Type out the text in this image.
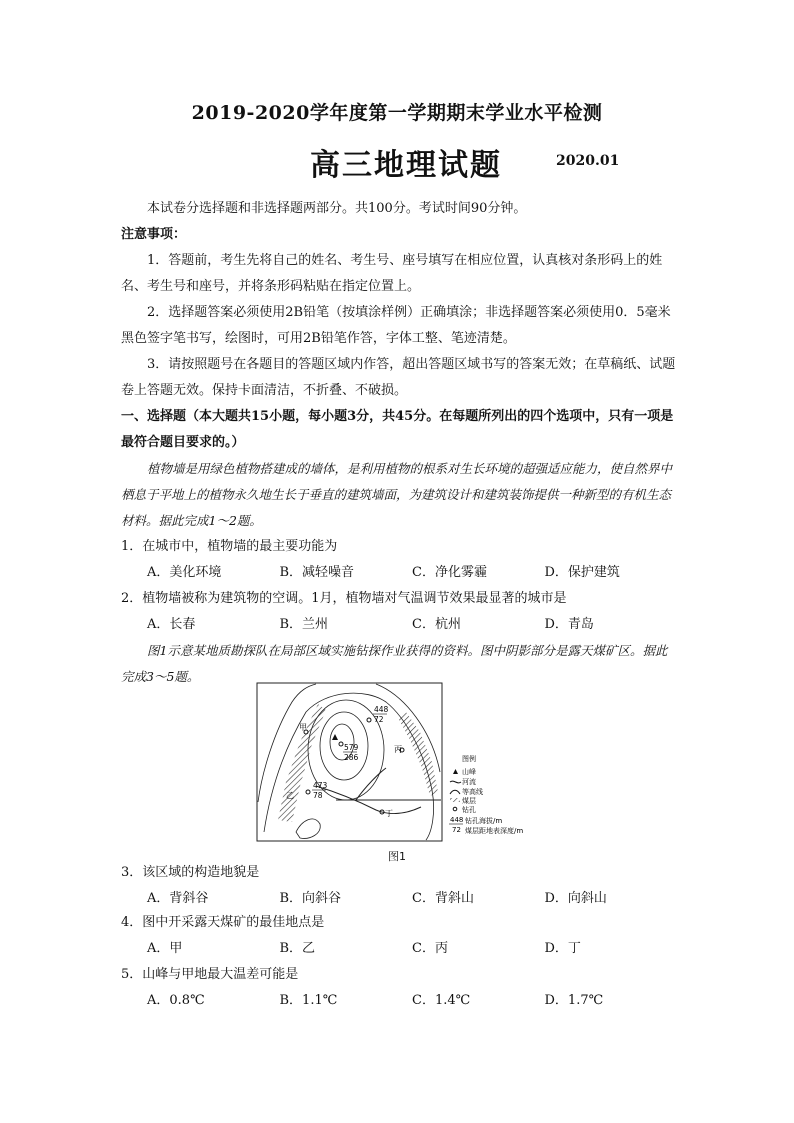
2019-2020学年度第一学期期末学业水平检测
高三地理试题	2020.01

本试卷分选择题和非选择题两部分。共100分。考试时间90分钟。

注意事项：

1．答题前，考生先将自己的姓名、考生号、座号填写在相应位置，认真核对条形码上的姓名、考生号和座号，并将条形码粘贴在指定位置上。

2．选择题答案必须使用2B铅笔（按填涂样例）正确填涂；非选择题答案必须使用0．5毫米黑色签字笔书写，绘图时，可用2B铅笔作答，字体工整、笔迹清楚。

3．请按照题号在各题目的答题区域内作答，超出答题区域书写的答案无效；在草稿纸、试题卷上答题无效。保持卡面清洁，不折叠、不破损。

一、选择题（本大题共15小题，每小题3分，共45分。在每题所列出的四个选项中，只有一项是最符合题目要求的。）

植物墙是用绿色植物搭建成的墙体，是利用植物的根系对生长环境的超强适应能力，使自然界中栖息于平地上的植物永久地生长于垂直的建筑墙面，为建筑设计和建筑装饰提供一种新型的有机生态材料。据此完成1～2题。

1．在城市中，植物墙的最主要功能为

A．美化环境	B．减轻噪音	C．净化雾霾	D．保护建筑

2．植物墙被称为建筑物的空调。1月，植物墙对气温调节效果最显著的城市是

A．长春	B．兰州	C．杭州	D．青岛

图1示意某地质勘探队在局部区域实施钻探作业获得的资料。图中阴影部分是露天煤矿区。据此完成3～5题。

甲
乙
丙
丁
579
286
448
72
473
78
图例
山峰
河流
等高线
煤层
钻孔
448
72
钻孔海拔/m
煤层距地表深度/m
图1

3．该区域的构造地貌是

A．背斜谷	B．向斜谷	C．背斜山	D．向斜山

4．图中开采露天煤矿的最佳地点是

A．甲	B．乙	C．丙	D．丁

5．山峰与甲地最大温差可能是

A．0.8℃	B．1.1℃	C．1.4℃	D．1.7℃
